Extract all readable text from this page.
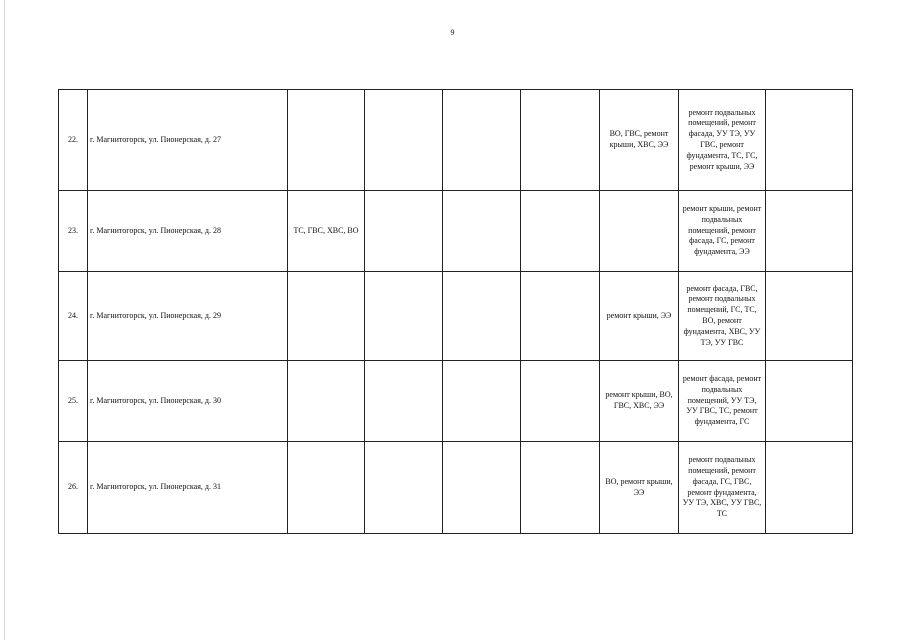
9
22.	г. Магнитогорск, ул. Пионерская, д. 27					ВО, ГВС, ремонт крыши, ХВС, ЭЭ	ремонт подвальных помещений, ремонт фасада, УУ ТЭ, УУ ГВС, ремонт фундамента, ТС, ГС, ремонт крыши, ЭЭ	
23.	г. Магнитогорск, ул. Пионерская, д. 28	ТС, ГВС, ХВС, ВО					ремонт крыши, ремонт подвальных помещений, ремонт фасада, ГС, ремонт фундамента, ЭЭ	
24.	г. Магнитогорск, ул. Пионерская, д. 29					ремонт крыши, ЭЭ	ремонт фасада, ГВС, ремонт подвальных помещений, ГС, ТС, ВО, ремонт фундамента, ХВС, УУ ТЭ, УУ ГВС	
25.	г. Магнитогорск, ул. Пионерская, д. 30					ремонт крыши, ВО, ГВС, ХВС, ЭЭ	ремонт фасада, ремонт подвальных помещений, УУ ТЭ, УУ ГВС, ТС, ремонт фундамента, ГС	
26.	г. Магнитогорск, ул. Пионерская, д. 31					ВО, ремонт крыши, ЭЭ	ремонт подвальных помещений, ремонт фасада, ГС, ГВС, ремонт фундамента, УУ ТЭ, ХВС, УУ ГВС, ТС	
